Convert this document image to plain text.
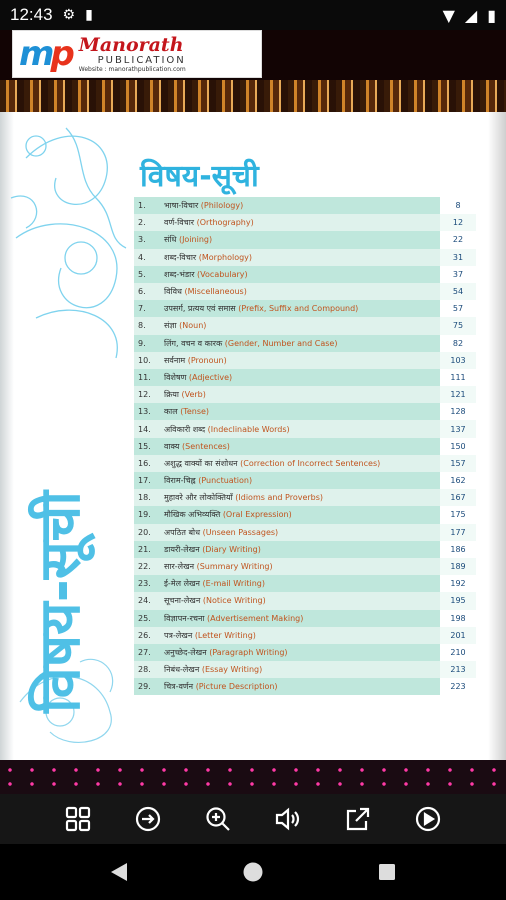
12:43 ⚙ ▮	▼ ◢ ▮
mp Manorath
PUBLICATION
Website : manorathpublication.com
विषय-सूची
विषय-सूची
1.	भाषा-विचार (Philology)	8
2.	वर्ण-विचार (Orthography)	12
3.	संधि (Joining)	22
4.	शब्द-विचार (Morphology)	31
5.	शब्द-भंडार (Vocabulary)	37
6.	विविध (Miscellaneous)	54
7.	उपसर्ग, प्रत्यय एवं समास (Prefix, Suffix and Compound)	57
8.	संज्ञा (Noun)	75
9.	लिंग, वचन व कारक (Gender, Number and Case)	82
10.	सर्वनाम (Pronoun)	103
11.	विशेषण (Adjective)	111
12.	क्रिया (Verb)	121
13.	काल (Tense)	128
14.	अविकारी शब्द (Indeclinable Words)	137
15.	वाक्य (Sentences)	150
16.	अशुद्ध वाक्यों का संशोधन (Correction of Incorrect Sentences)	157
17.	विराम-चिह्न (Punctuation)	162
18.	मुहावरे और लोकोक्तियाँ (Idioms and Proverbs)	167
19.	मौखिक अभिव्यक्ति (Oral Expression)	175
20.	अपठित बोध (Unseen Passages)	177
21.	डायरी-लेखन (Diary Writing)	186
22.	सार-लेखन (Summary Writing)	189
23.	ई-मेल लेखन (E-mail Writing)	192
24.	सूचना-लेखन (Notice Writing)	195
25.	विज्ञापन-रचना (Advertisement Making)	198
26.	पत्र-लेखन (Letter Writing)	201
27.	अनुच्छेद-लेखन (Paragraph Writing)	210
28.	निबंध-लेखन (Essay Writing)	213
29.	चित्र-वर्णन (Picture Description)	223
